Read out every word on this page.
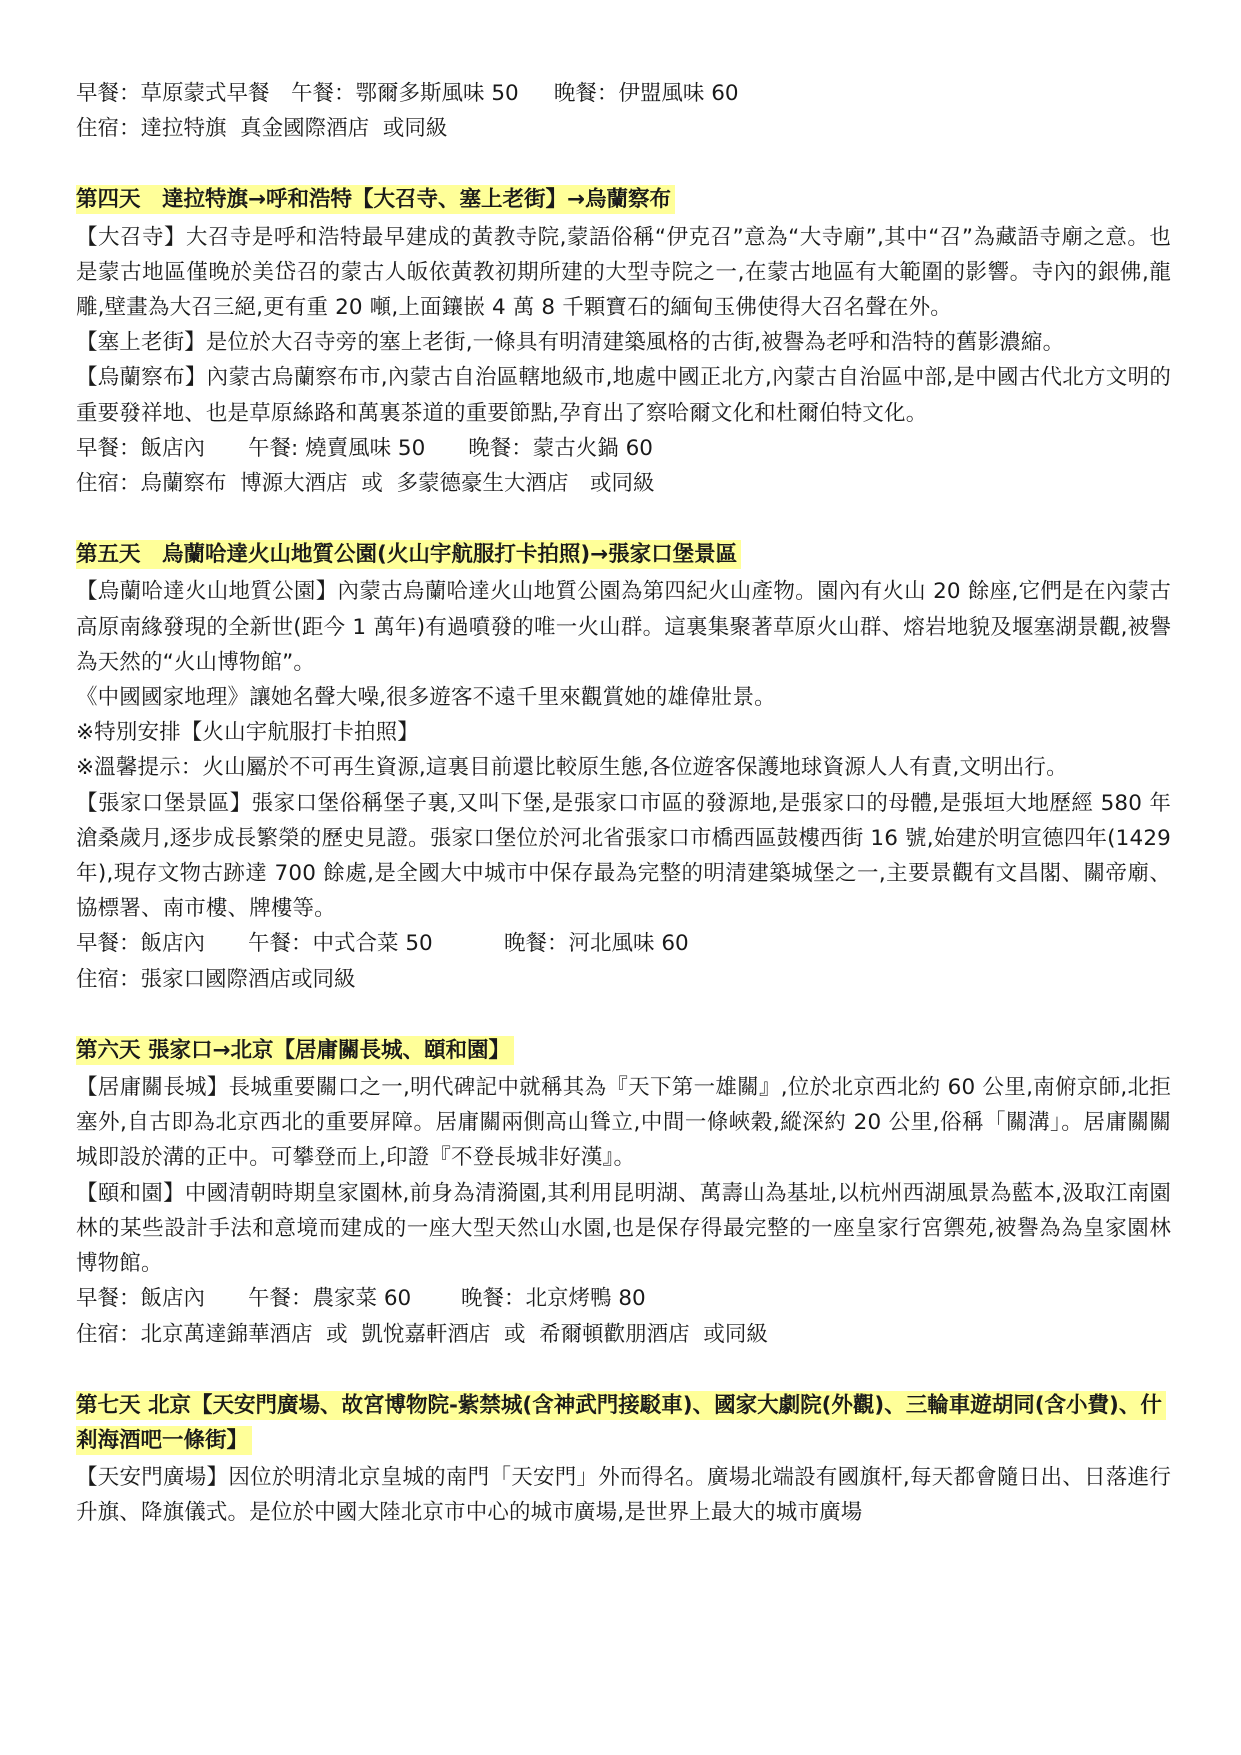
早餐：草原蒙式早餐　午餐：鄂爾多斯風味 50　  晚餐：伊盟風味 60

住宿：達拉特旗  真金國際酒店  或同級

第四天　達拉特旗→呼和浩特【大召寺、塞上老街】→烏蘭察布

【大召寺】大召寺是呼和浩特最早建成的黃教寺院,蒙語俗稱“伊克召”意為“大寺廟”,其中“召”為藏語寺廟之意。也是蒙古地區僅晚於美岱召的蒙古人皈依黃教初期所建的大型寺院之一,在蒙古地區有大範圍的影響。寺內的銀佛,龍雕,壁畫為大召三絕,更有重 20 噸,上面鑲嵌 4 萬 8 千顆寶石的緬甸玉佛使得大召名聲在外。

【塞上老街】是位於大召寺旁的塞上老街,一條具有明清建築風格的古街,被譽為老呼和浩特的舊影濃縮。

【烏蘭察布】內蒙古烏蘭察布市,內蒙古自治區轄地級市,地處中國正北方,內蒙古自治區中部,是中國古代北方文明的重要發祥地、也是草原絲路和萬裏茶道的重要節點,孕育出了察哈爾文化和杜爾伯特文化。

早餐：飯店內　　午餐: 燒賣風味 50　　晚餐：蒙古火鍋 60

住宿：烏蘭察布  博源大酒店  或  多蒙德豪生大酒店　或同級

第五天　烏蘭哈達火山地質公園(火山宇航服打卡拍照)→張家口堡景區

【烏蘭哈達火山地質公園】內蒙古烏蘭哈達火山地質公園為第四紀火山產物。園內有火山 20 餘座,它們是在內蒙古高原南緣發現的全新世(距今 1 萬年)有過噴發的唯一火山群。這裏集聚著草原火山群、熔岩地貌及堰塞湖景觀,被譽為天然的“火山博物館”。

《中國國家地理》讓她名聲大噪,很多遊客不遠千里來觀賞她的雄偉壯景。

※特別安排【火山宇航服打卡拍照】

※溫馨提示：火山屬於不可再生資源,這裏目前還比較原生態,各位遊客保護地球資源人人有責,文明出行。

【張家口堡景區】張家口堡俗稱堡子裏,又叫下堡,是張家口市區的發源地,是張家口的母體,是張垣大地歷經 580 年滄桑歲月,逐步成長繁榮的歷史見證。張家口堡位於河北省張家口市橋西區鼓樓西街 16 號,始建於明宣德四年(1429 年),現存文物古跡達 700 餘處,是全國大中城市中保存最為完整的明清建築城堡之一,主要景觀有文昌閣、關帝廟、協標署、南市樓、牌樓等。

早餐：飯店內　　午餐：中式合菜 50　　　 晚餐：河北風味 60

住宿：張家口國際酒店或同級

第六天 張家口→北京【居庸關長城、頤和園】

【居庸關長城】長城重要關口之一,明代碑記中就稱其為『天下第一雄關』,位於北京西北約 60 公里,南俯京師,北拒塞外,自古即為北京西北的重要屏障。居庸關兩側高山聳立,中間一條峽穀,縱深約 20 公里,俗稱「關溝」。居庸關關城即設於溝的正中。可攀登而上,印證『不登長城非好漢』。

【頤和園】中國清朝時期皇家園林,前身為清漪園,其利用昆明湖、萬壽山為基址,以杭州西湖風景為藍本,汲取江南園林的某些設計手法和意境而建成的一座大型天然山水園,也是保存得最完整的一座皇家行宮禦苑,被譽為為皇家園林博物館。

早餐：飯店內　　午餐：農家菜 60　　 晚餐：北京烤鴨 80

住宿：北京萬達錦華酒店  或  凱悅嘉軒酒店  或  希爾頓歡朋酒店  或同級

第七天 北京【天安門廣場、故宮博物院-紫禁城(含神武門接駁車)、國家大劇院(外觀)、三輪車遊胡同(含小費)、什剎海酒吧一條街】

【天安門廣場】因位於明清北京皇城的南門「天安門」外而得名。廣場北端設有國旗杆,每天都會隨日出、日落進行升旗、降旗儀式。是位於中國大陸北京市中心的城市廣場,是世界上最大的城市廣場
